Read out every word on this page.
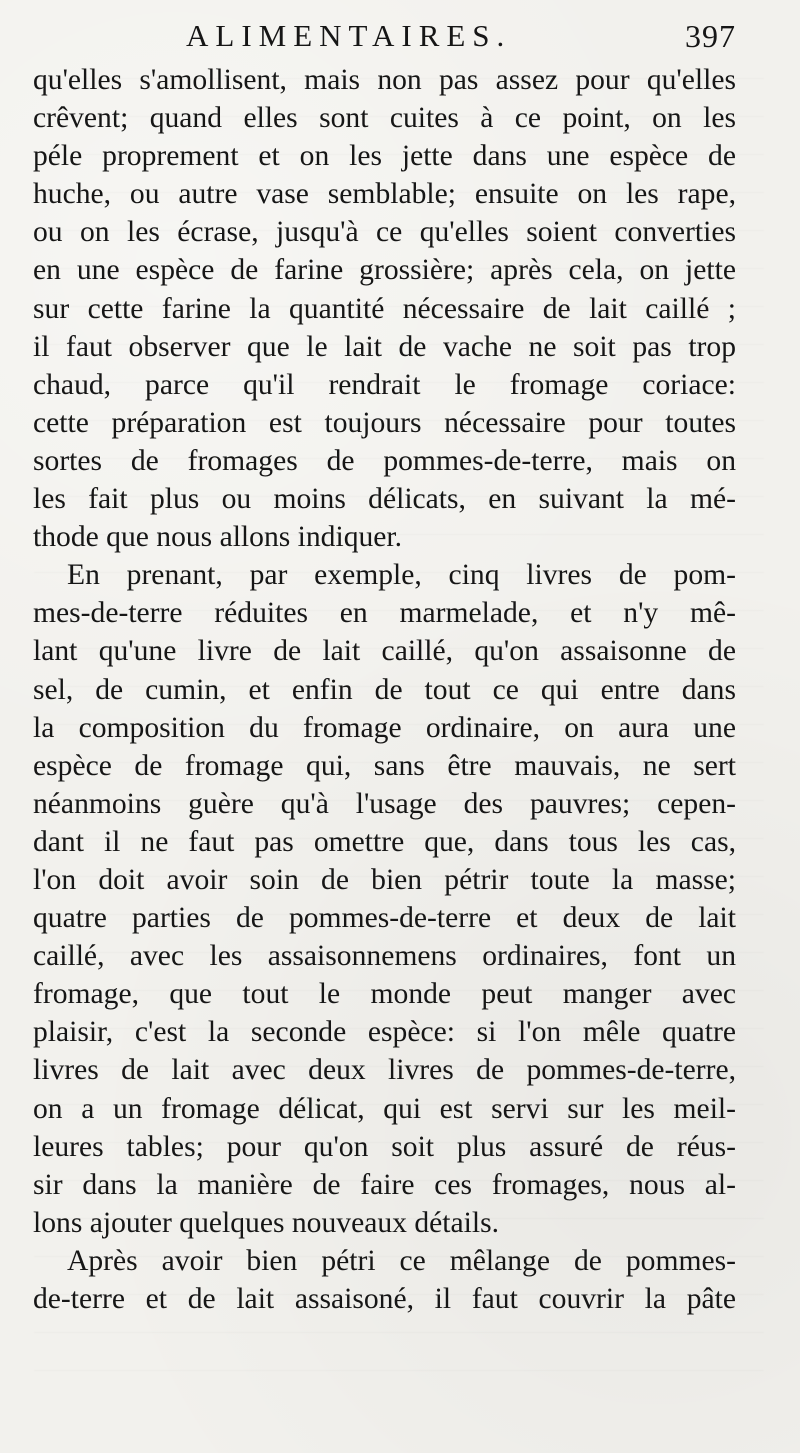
ALIMENTAIRES.	397
qu'elles s'amollisent, mais non pas assez pour qu'elles
crêvent; quand elles sont cuites à ce point, on les
péle proprement et on les jette dans une espèce de
huche, ou autre vase semblable; ensuite on les rape,
ou on les écrase, jusqu'à ce qu'elles soient converties
en une espèce de farine grossière; après cela, on jette
sur cette farine la quantité nécessaire de lait caillé ;
il faut observer que le lait de vache ne soit pas trop
chaud, parce qu'il rendrait le fromage coriace:
cette préparation est toujours nécessaire pour toutes
sortes de fromages de pommes-de-terre, mais on
les fait plus ou moins délicats, en suivant la mé-
thode que nous allons indiquer.
En prenant, par exemple, cinq livres de pom-
mes-de-terre réduites en marmelade, et n'y mê-
lant qu'une livre de lait caillé, qu'on assaisonne de
sel, de cumin, et enfin de tout ce qui entre dans
la composition du fromage ordinaire, on aura une
espèce de fromage qui, sans être mauvais, ne sert
néanmoins guère qu'à l'usage des pauvres; cepen-
dant il ne faut pas omettre que, dans tous les cas,
l'on doit avoir soin de bien pétrir toute la masse;
quatre parties de pommes-de-terre et deux de lait
caillé, avec les assaisonnemens ordinaires, font un
fromage, que tout le monde peut manger avec
plaisir, c'est la seconde espèce: si l'on mêle quatre
livres de lait avec deux livres de pommes-de-terre,
on a un fromage délicat, qui est servi sur les meil-
leures tables; pour qu'on soit plus assuré de réus-
sir dans la manière de faire ces fromages, nous al-
lons ajouter quelques nouveaux détails.
Après avoir bien pétri ce mêlange de pommes-
de-terre et de lait assaisoné, il faut couvrir la pâte
